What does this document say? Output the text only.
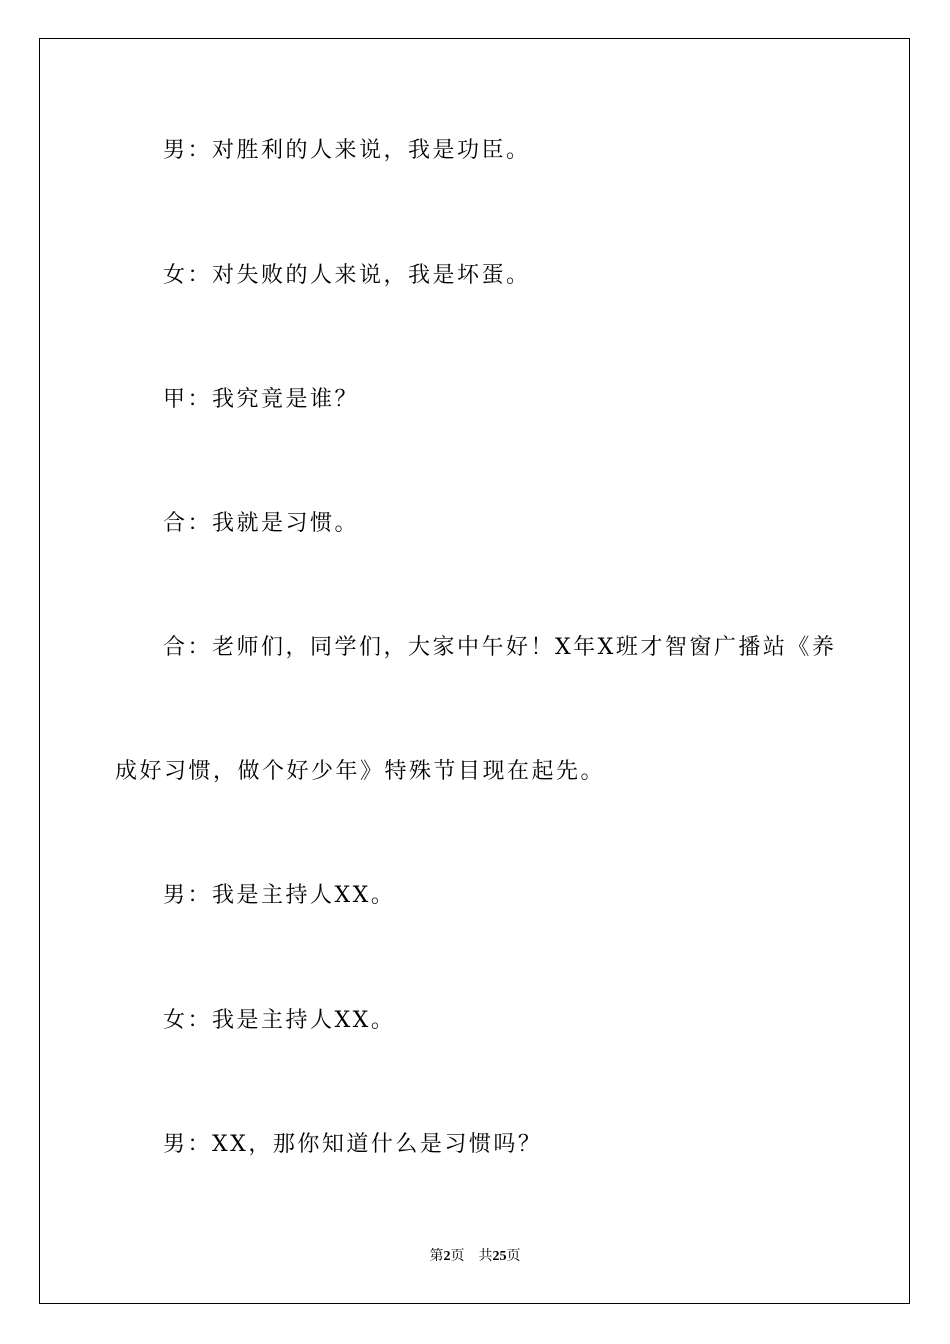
男：对胜利的人来说，我是功臣。
女：对失败的人来说，我是坏蛋。
甲：我究竟是谁？
合：我就是习惯。
合：老师们，同学们，大家中午好！X年X班才智窗广播站《养
成好习惯，做个好少年》特殊节目现在起先。
男：我是主持人XX。
女：我是主持人XX。
男：XX，那你知道什么是习惯吗？
第2页 共25页
